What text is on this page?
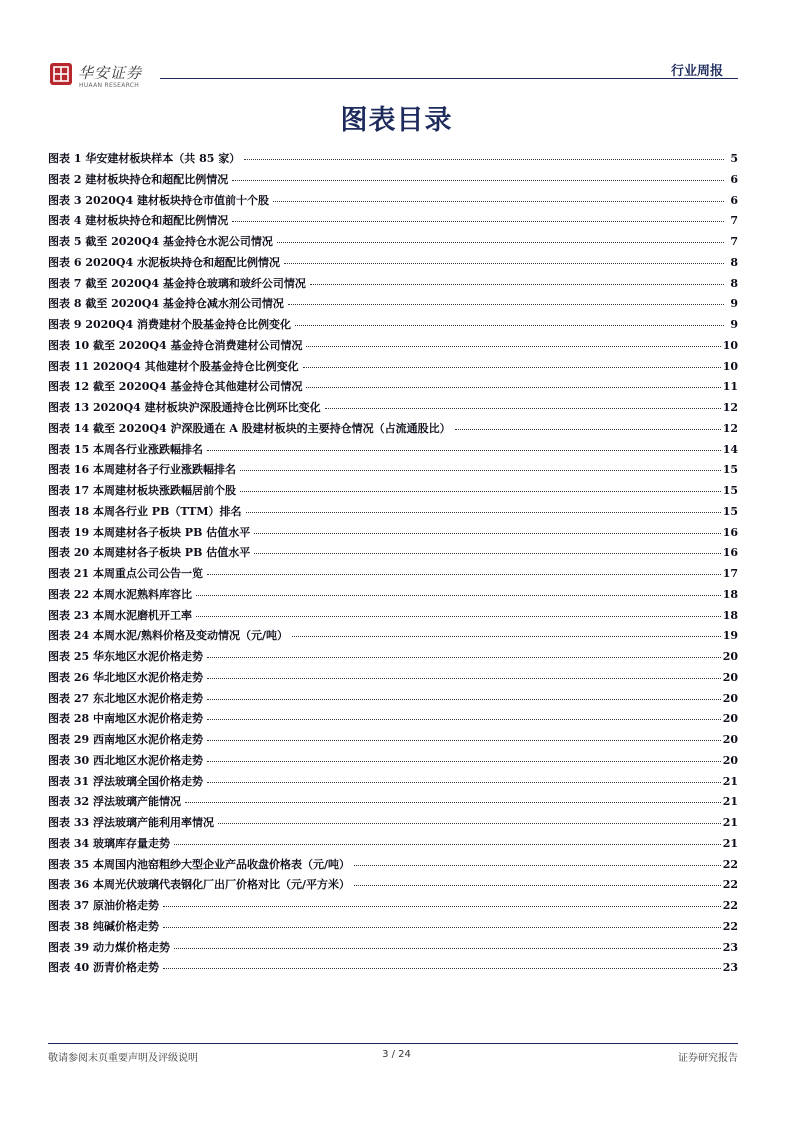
华安证券
HUAAN RESEARCH
行业周报
图表目录
图表 1 华安建材板块样本（共 85 家）	5
图表 2 建材板块持仓和超配比例情况	6
图表 3 2020Q4 建材板块持仓市值前十个股	6
图表 4 建材板块持仓和超配比例情况	7
图表 5 截至 2020Q4 基金持仓水泥公司情况	7
图表 6 2020Q4 水泥板块持仓和超配比例情况	8
图表 7 截至 2020Q4 基金持仓玻璃和玻纤公司情况	8
图表 8 截至 2020Q4 基金持仓减水剂公司情况	9
图表 9 2020Q4 消费建材个股基金持仓比例变化	9
图表 10 截至 2020Q4 基金持仓消费建材公司情况	10
图表 11 2020Q4 其他建材个股基金持仓比例变化	10
图表 12 截至 2020Q4 基金持仓其他建材公司情况	11
图表 13 2020Q4 建材板块沪深股通持仓比例环比变化	12
图表 14 截至 2020Q4 沪深股通在 A 股建材板块的主要持仓情况（占流通股比）	12
图表 15 本周各行业涨跌幅排名	14
图表 16 本周建材各子行业涨跌幅排名	15
图表 17 本周建材板块涨跌幅居前个股	15
图表 18 本周各行业 PB（TTM）排名	15
图表 19 本周建材各子板块 PB 估值水平	16
图表 20 本周建材各子板块 PB 估值水平	16
图表 21 本周重点公司公告一览	17
图表 22 本周水泥熟料库容比	18
图表 23 本周水泥磨机开工率	18
图表 24 本周水泥/熟料价格及变动情况（元/吨）	19
图表 25 华东地区水泥价格走势	20
图表 26 华北地区水泥价格走势	20
图表 27 东北地区水泥价格走势	20
图表 28 中南地区水泥价格走势	20
图表 29 西南地区水泥价格走势	20
图表 30 西北地区水泥价格走势	20
图表 31 浮法玻璃全国价格走势	21
图表 32 浮法玻璃产能情况	21
图表 33 浮法玻璃产能利用率情况	21
图表 34 玻璃库存量走势	21
图表 35 本周国内池窑粗纱大型企业产品收盘价格表（元/吨）	22
图表 36 本周光伏玻璃代表钢化厂出厂价格对比（元/平方米）	22
图表 37 原油价格走势	22
图表 38 纯碱价格走势	22
图表 39 动力煤价格走势	23
图表 40 沥青价格走势	23
敬请参阅末页重要声明及评级说明	3 / 24	证券研究报告
